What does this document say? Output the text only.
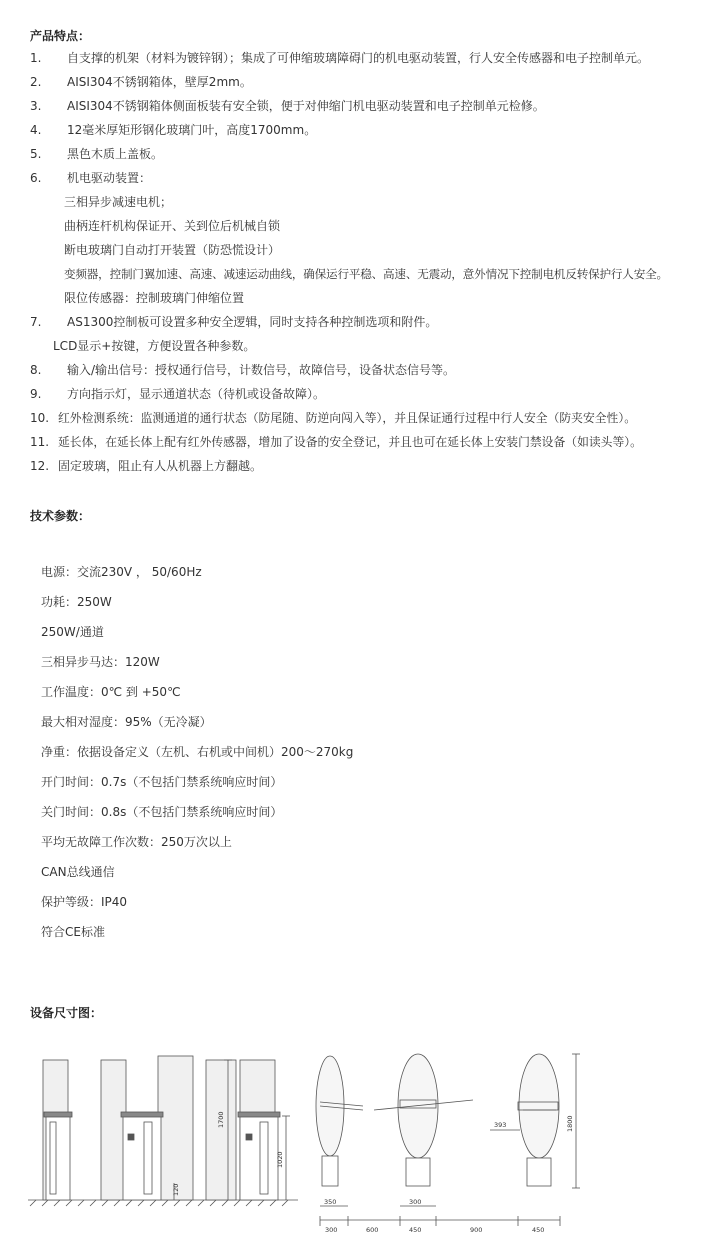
产品特点：
1. 自支撑的机架（材料为镀锌钢）；集成了可伸缩玻璃障碍门的机电驱动装置，行人安全传感器和电子控制单元。
2. AISI304不锈钢箱体，壁厚2mm。
3. AISI304不锈钢箱体侧面板装有安全锁，便于对伸缩门机电驱动装置和电子控制单元检修。
4. 12毫米厚矩形钢化玻璃门叶，高度1700mm。
5. 黑色木质上盖板。
6. 机电驱动装置：
三相异步减速电机；
曲柄连杆机构保证开、关到位后机械自锁
断电玻璃门自动打开装置（防恐慌设计）
变频器，控制门翼加速、高速、减速运动曲线，确保运行平稳、高速、无震动，意外情况下控制电机反转保护行人安全。
限位传感器：控制玻璃门伸缩位置
7. AS1300控制板可设置多种安全逻辑，同时支持各种控制选项和附件。
LCD显示+按键，方便设置各种参数。
8. 输入/输出信号：授权通行信号，计数信号，故障信号，设备状态信号等。
9. 方向指示灯，显示通道状态（待机或设备故障）。
10. 红外检测系统：监测通道的通行状态（防尾随、防逆向闯入等），并且保证通行过程中行人安全（防夹安全性）。
11. 延长体，在延长体上配有红外传感器，增加了设备的安全登记，并且也可在延长体上安装门禁设备（如读头等）。
12. 固定玻璃，阻止有人从机器上方翻越。
技术参数：
电源：交流230V ， 50/60Hz
功耗：250W
250W/通道
三相异步马达：120W
工作温度：0℃ 到 +50℃
最大相对湿度：95%（无冷凝）
净重：依据设备定义（左机、右机或中间机）200～270kg
开门时间：0.7s（不包括门禁系统响应时间）
关门时间：0.8s（不包括门禁系统响应时间）
平均无故障工作次数：250万次以上
CAN总线通信
保护等级：IP40
符合CE标准
设备尺寸图：
1700
1020
120
1800
393
350
300	600
300
450	900	450
